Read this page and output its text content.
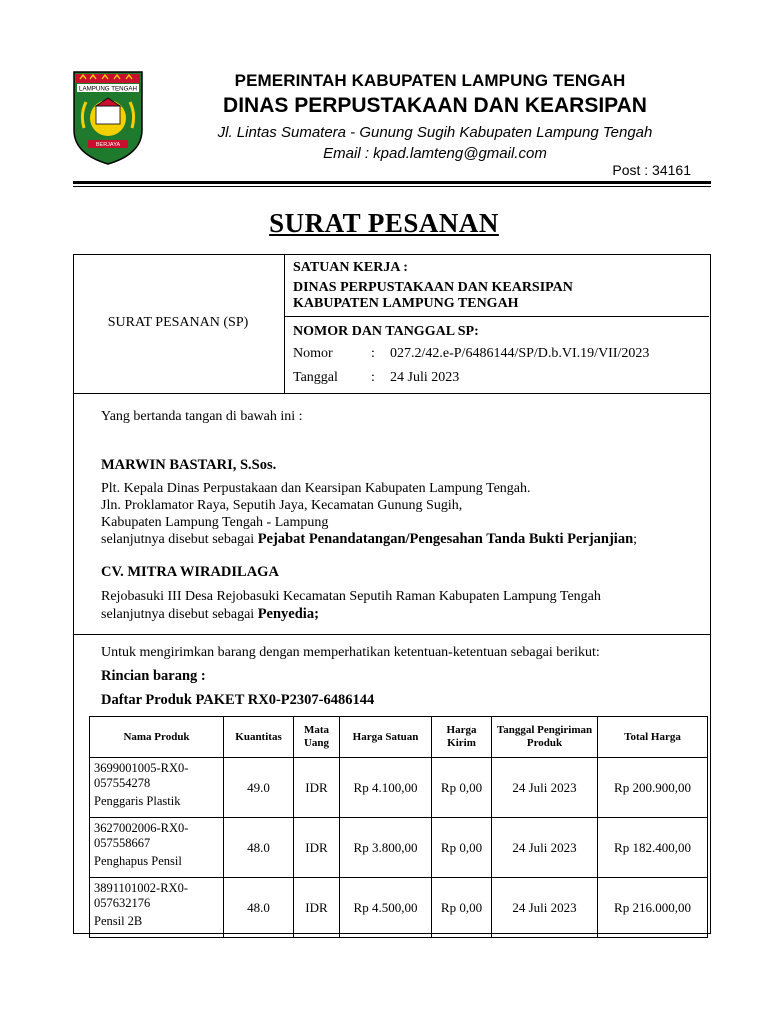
LAMPUNG TENGAH
BERJAYA
PEMERINTAH KABUPATEN LAMPUNG TENGAH
DINAS PERPUSTAKAAN DAN KEARSIPAN
Jl. Lintas Sumatera - Gunung Sugih Kabupaten Lampung Tengah
Email : kpad.lamteng@gmail.com
Post : 34161
SURAT PESANAN
SURAT PESANAN (SP)
SATUAN KERJA :
DINAS PERPUSTAKAAN DAN KEARSIPAN
KABUPATEN LAMPUNG TENGAH
NOMOR DAN TANGGAL SP:
Nomor	: 027.2/42.e-P/6486144/SP/D.b.VI.19/VII/2023
Tanggal : 24 Juli 2023
Yang bertanda tangan di bawah ini :
MARWIN BASTARI, S.Sos.
Plt. Kepala Dinas Perpustakaan dan Kearsipan Kabupaten Lampung Tengah.
Jln. Proklamator Raya, Seputih Jaya, Kecamatan Gunung Sugih,
Kabupaten Lampung Tengah - Lampung
selanjutnya disebut sebagai Pejabat Penandatangan/Pengesahan Tanda Bukti Perjanjian;
CV. MITRA WIRADILAGA
Rejobasuki III Desa Rejobasuki Kecamatan Seputih Raman Kabupaten Lampung Tengah
selanjutnya disebut sebagai Penyedia;
Untuk mengirimkan barang dengan memperhatikan ketentuan-ketentuan sebagai berikut:
Rincian barang :
Daftar Produk PAKET RX0-P2307-6486144
Nama Produk	Kuantitas	Mata Uang	Harga Satuan	Harga Kirim	Tanggal Pengiriman Produk	Total Harga
3699001005-RX0-057554278
Penggaris Plastik	49.0	IDR	Rp 4.100,00	Rp 0,00	24 Juli 2023	Rp 200.900,00
3627002006-RX0-057558667
Penghapus Pensil	48.0	IDR	Rp 3.800,00	Rp 0,00	24 Juli 2023	Rp 182.400,00
3891101002-RX0-057632176
Pensil 2B	48.0	IDR	Rp 4.500,00	Rp 0,00	24 Juli 2023	Rp 216.000,00
